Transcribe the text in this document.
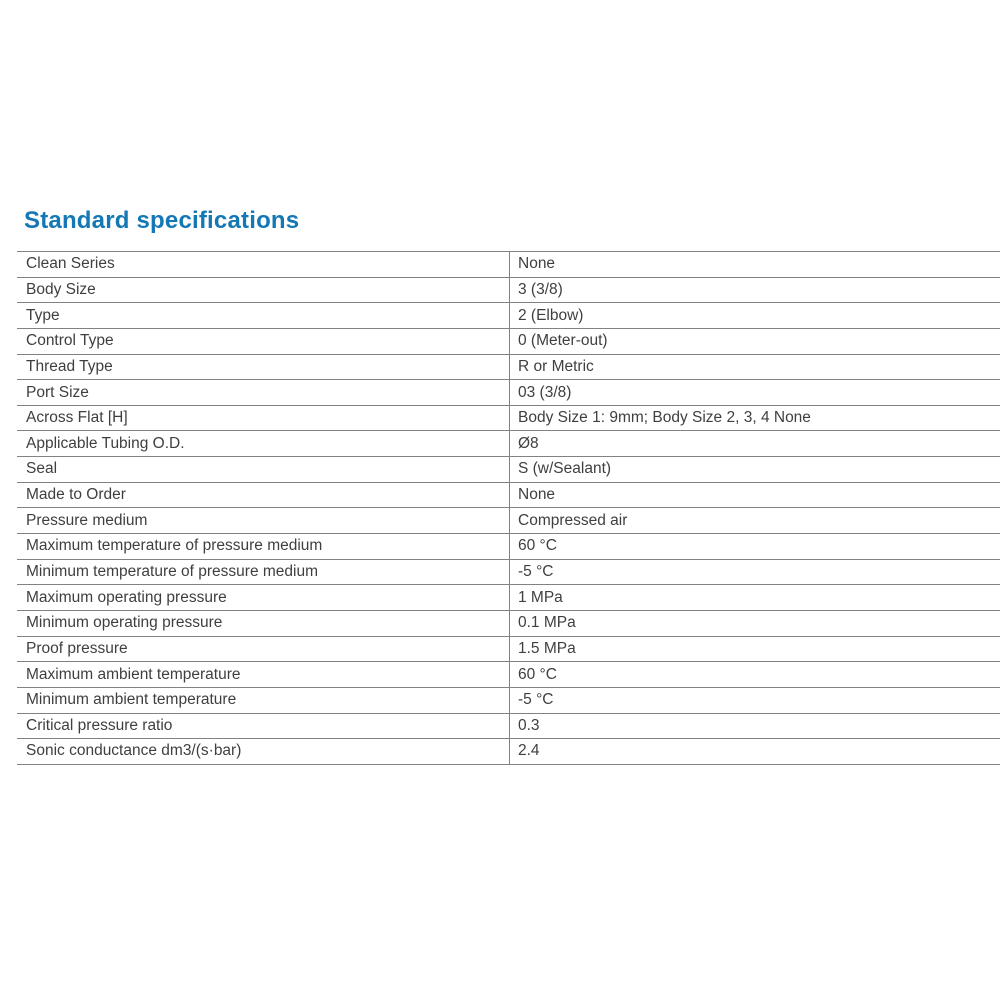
Standard specifications
Clean Series	None
Body Size	3 (3/8)
Type	2 (Elbow)
Control Type	0 (Meter-out)
Thread Type	R or Metric
Port Size	03 (3/8)
Across Flat [H]	Body Size 1: 9mm; Body Size 2, 3, 4 None
Applicable Tubing O.D.	Ø8
Seal	S (w/Sealant)
Made to Order	None
Pressure medium	Compressed air
Maximum temperature of pressure medium	60 °C
Minimum temperature of pressure medium	-5 °C
Maximum operating pressure	1 MPa
Minimum operating pressure	0.1 MPa
Proof pressure	1.5 MPa
Maximum ambient temperature	60 °C
Minimum ambient temperature	-5 °C
Critical pressure ratio	0.3
Sonic conductance dm3/(s·bar)	2.4
